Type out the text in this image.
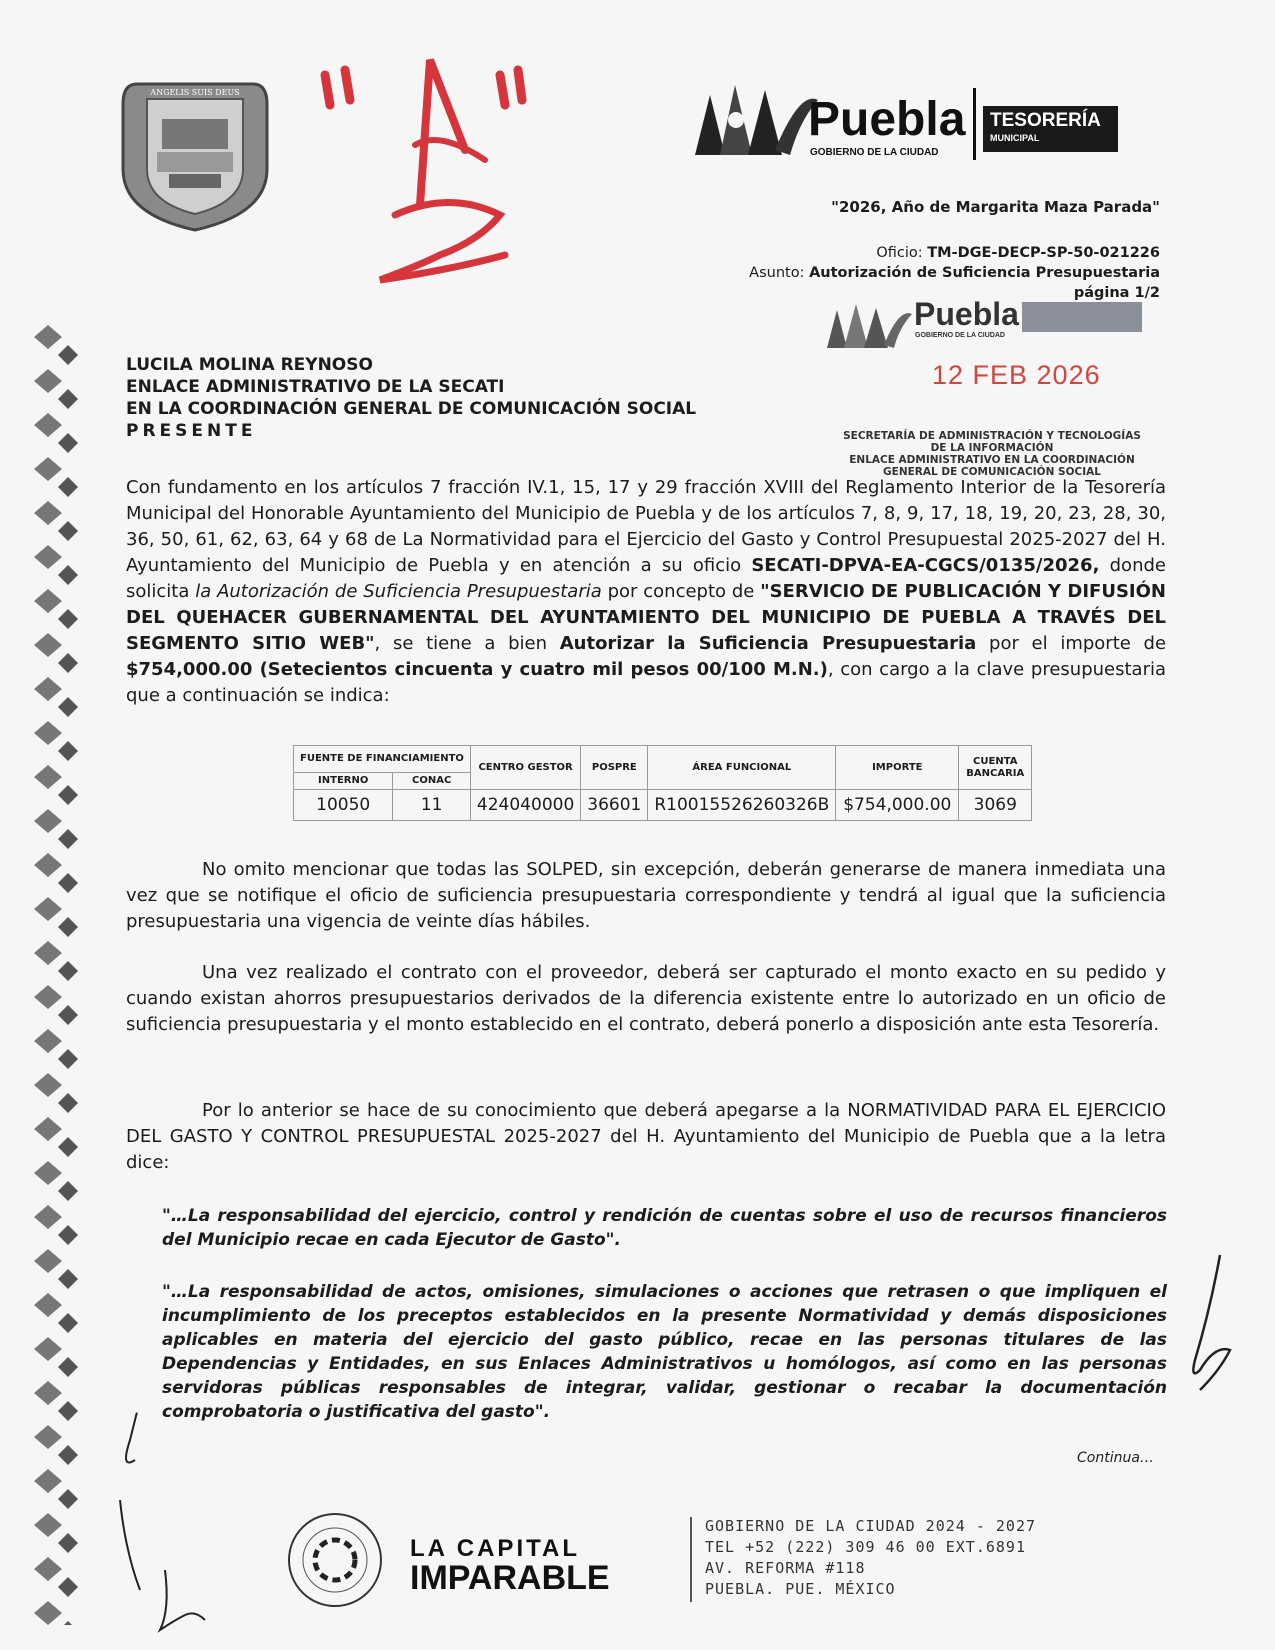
ANGELIS SUIS DEUS
Puebla
GOBIERNO DE LA CIUDAD
TESORERÍA
MUNICIPAL
"2026, Año de Margarita Maza Parada"
Oficio: TM-DGE-DECP-SP-50-021226
Asunto: Autorización de Suficiencia Presupuestaria
página 1/2
Puebla
GOBIERNO DE LA CIUDAD
12 FEB 2026
SECRETARÍA DE ADMINISTRACIÓN Y TECNOLOGÍAS
DE LA INFORMACIÓN
ENLACE ADMINISTRATIVO EN LA COORDINACIÓN
GENERAL DE COMUNICACIÓN SOCIAL
LUCILA MOLINA REYNOSO
ENLACE ADMINISTRATIVO DE LA SECATI
EN LA COORDINACIÓN GENERAL DE COMUNICACIÓN SOCIAL
PRESENTE
Con fundamento en los artículos 7 fracción IV.1, 15, 17 y 29 fracción XVIII del Reglamento Interior de la Tesorería Municipal del Honorable Ayuntamiento del Municipio de Puebla y de los artículos 7, 8, 9, 17, 18, 19, 20, 23, 28, 30, 36, 50, 61, 62, 63, 64 y 68 de La Normatividad para el Ejercicio del Gasto y Control Presupuestal 2025-2027 del H. Ayuntamiento del Municipio de Puebla y en atención a su oficio SECATI-DPVA-EA-CGCS/0135/2026, donde solicita la Autorización de Suficiencia Presupuestaria por concepto de "SERVICIO DE PUBLICACIÓN Y DIFUSIÓN DEL QUEHACER GUBERNAMENTAL DEL AYUNTAMIENTO DEL MUNICIPIO DE PUEBLA A TRAVÉS DEL SEGMENTO SITIO WEB", se tiene a bien Autorizar la Suficiencia Presupuestaria por el importe de $754,000.00 (Setecientos cincuenta y cuatro mil pesos 00/100 M.N.), con cargo a la clave presupuestaria que a continuación se indica:
FUENTE DE FINANCIAMIENTO		CENTRO GESTOR	POSPRE	ÁREA FUNCIONAL	IMPORTE	CUENTA BANCARIA
INTERNO	CONAC					
10050	11	424040000	36601	R10015526260326B	$754,000.00	3069
No omito mencionar que todas las SOLPED, sin excepción, deberán generarse de manera inmediata una vez que se notifique el oficio de suficiencia presupuestaria correspondiente y tendrá al igual que la suficiencia presupuestaria una vigencia de veinte días hábiles.
Una vez realizado el contrato con el proveedor, deberá ser capturado el monto exacto en su pedido y cuando existan ahorros presupuestarios derivados de la diferencia existente entre lo autorizado en un oficio de suficiencia presupuestaria y el monto establecido en el contrato, deberá ponerlo a disposición ante esta Tesorería.
Por lo anterior se hace de su conocimiento que deberá apegarse a la NORMATIVIDAD PARA EL EJERCICIO DEL GASTO Y CONTROL PRESUPUESTAL 2025-2027 del H. Ayuntamiento del Municipio de Puebla que a la letra dice:
"…La responsabilidad del ejercicio, control y rendición de cuentas sobre el uso de recursos financieros del Municipio recae en cada Ejecutor de Gasto".
"…La responsabilidad de actos, omisiones, simulaciones o acciones que retrasen o que impliquen el incumplimiento de los preceptos establecidos en la presente Normatividad y demás disposiciones aplicables en materia del ejercicio del gasto público, recae en las personas titulares de las Dependencias y Entidades, en sus Enlaces Administrativos u homólogos, así como en las personas servidoras públicas responsables de integrar, validar, gestionar o recabar la documentación comprobatoria o justificativa del gasto".
Continua…
LA CAPITAL
IMPARABLE
GOBIERNO DE LA CIUDAD 2024 - 2027
TEL +52 (222) 309 46 00 EXT.6891
AV. REFORMA #118
PUEBLA. PUE. MÉXICO
